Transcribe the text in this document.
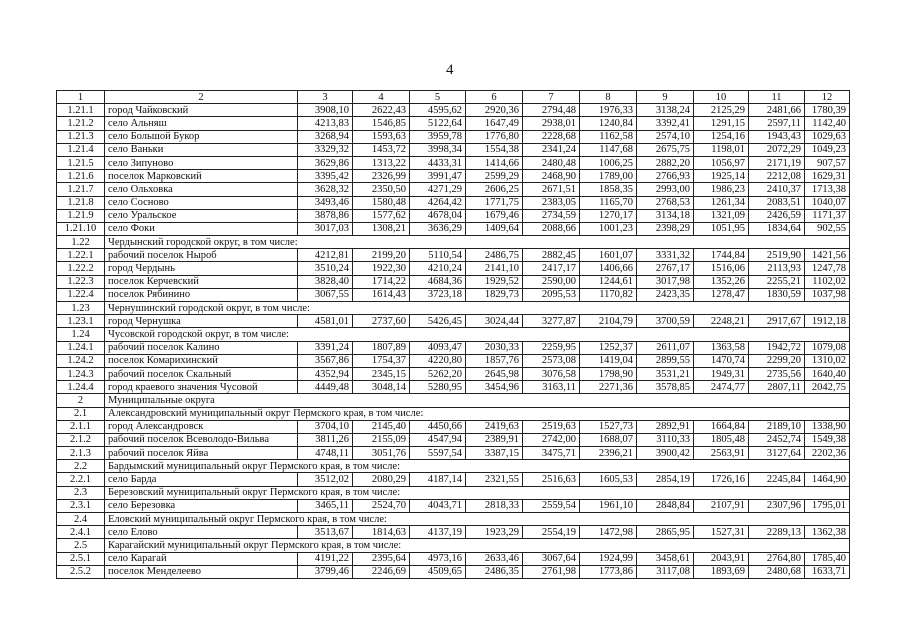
4
1	2	3	4	5	6	7	8	9	10	11	12
1.21.1	город Чайковский	3908,10	2622,43	4595,62	2920,36	2794,48	1976,33	3138,24	2125,29	2481,66	1780,39
1.21.2	село Альняш	4213,83	1546,85	5122,64	1647,49	2938,01	1240,84	3392,41	1291,15	2597,11	1142,40
1.21.3	село Большой Букор	3268,94	1593,63	3959,78	1776,80	2228,68	1162,58	2574,10	1254,16	1943,43	1029,63
1.21.4	село Ваньки	3329,32	1453,72	3998,34	1554,38	2341,24	1147,68	2675,75	1198,01	2072,29	1049,23
1.21.5	село Зипуново	3629,86	1313,22	4433,31	1414,66	2480,48	1006,25	2882,20	1056,97	2171,19	907,57
1.21.6	поселок Марковский	3395,42	2326,99	3991,47	2599,29	2468,90	1789,00	2766,93	1925,14	2212,08	1629,31
1.21.7	село Ольховка	3628,32	2350,50	4271,29	2606,25	2671,51	1858,35	2993,00	1986,23	2410,37	1713,38
1.21.8	село Сосново	3493,46	1580,48	4264,42	1771,75	2383,05	1165,70	2768,53	1261,34	2083,51	1040,07
1.21.9	село Уральское	3878,86	1577,62	4678,04	1679,46	2734,59	1270,17	3134,18	1321,09	2426,59	1171,37
1.21.10	село Фоки	3017,03	1308,21	3636,29	1409,64	2088,66	1001,23	2398,29	1051,95	1834,64	902,55
1.22	Чердынский городской округ, в том числе:										
1.22.1	рабочий поселок Ныроб	4212,81	2199,20	5110,54	2486,75	2882,45	1601,07	3331,32	1744,84	2519,90	1421,56
1.22.2	город Чердынь	3510,24	1922,30	4210,24	2141,10	2417,17	1406,66	2767,17	1516,06	2113,93	1247,78
1.22.3	поселок Керчевский	3828,40	1714,22	4684,36	1929,52	2590,00	1244,61	3017,98	1352,26	2255,21	1102,02
1.22.4	поселок Рябинино	3067,55	1614,43	3723,18	1829,73	2095,53	1170,82	2423,35	1278,47	1830,59	1037,98
1.23	Чернушинский городской округ, в том числе:										
1.23.1	город Чернушка	4581,01	2737,60	5426,45	3024,44	3277,87	2104,79	3700,59	2248,21	2917,67	1912,18
1.24	Чусовской городской округ, в том числе:										
1.24.1	рабочий поселок Калино	3391,24	1807,89	4093,47	2030,33	2259,95	1252,37	2611,07	1363,58	1942,72	1079,08
1.24.2	поселок Комарихинский	3567,86	1754,37	4220,80	1857,76	2573,08	1419,04	2899,55	1470,74	2299,20	1310,02
1.24.3	рабочий поселок Скальный	4352,94	2345,15	5262,20	2645,98	3076,58	1798,90	3531,21	1949,31	2735,56	1640,40
1.24.4	город краевого значения Чусовой	4449,48	3048,14	5280,95	3454,96	3163,11	2271,36	3578,85	2474,77	2807,11	2042,75
2	Муниципальные округа										
2.1	Александровский муниципальный округ Пермского края, в том числе:										
2.1.1	город Александровск	3704,10	2145,40	4450,66	2419,63	2519,63	1527,73	2892,91	1664,84	2189,10	1338,90
2.1.2	рабочий поселок Всеволодо-Вильва	3811,26	2155,09	4547,94	2389,91	2742,00	1688,07	3110,33	1805,48	2452,74	1549,38
2.1.3	рабочий поселок Яйва	4748,11	3051,76	5597,54	3387,15	3475,71	2396,21	3900,42	2563,91	3127,64	2202,36
2.2	Бардымский муниципальный округ Пермского края, в том числе:										
2.2.1	село Барда	3512,02	2080,29	4187,14	2321,55	2516,63	1605,53	2854,19	1726,16	2245,84	1464,90
2.3	Березовский муниципальный округ Пермского края, в том числе:										
2.3.1	село Березовка	3465,11	2524,70	4043,71	2818,33	2559,54	1961,10	2848,84	2107,91	2307,96	1795,01
2.4	Еловский муниципальный округ Пермского края, в том числе:										
2.4.1	село Елово	3513,67	1814,63	4137,19	1923,29	2554,19	1472,98	2865,95	1527,31	2289,13	1362,38
2.5	Карагайский муниципальный округ Пермского края, в том числе:										
2.5.1	село Карагай	4191,22	2395,64	4973,16	2633,46	3067,64	1924,99	3458,61	2043,91	2764,80	1785,40
2.5.2	поселок Менделеево	3799,46	2246,69	4509,65	2486,35	2761,98	1773,86	3117,08	1893,69	2480,68	1633,71
